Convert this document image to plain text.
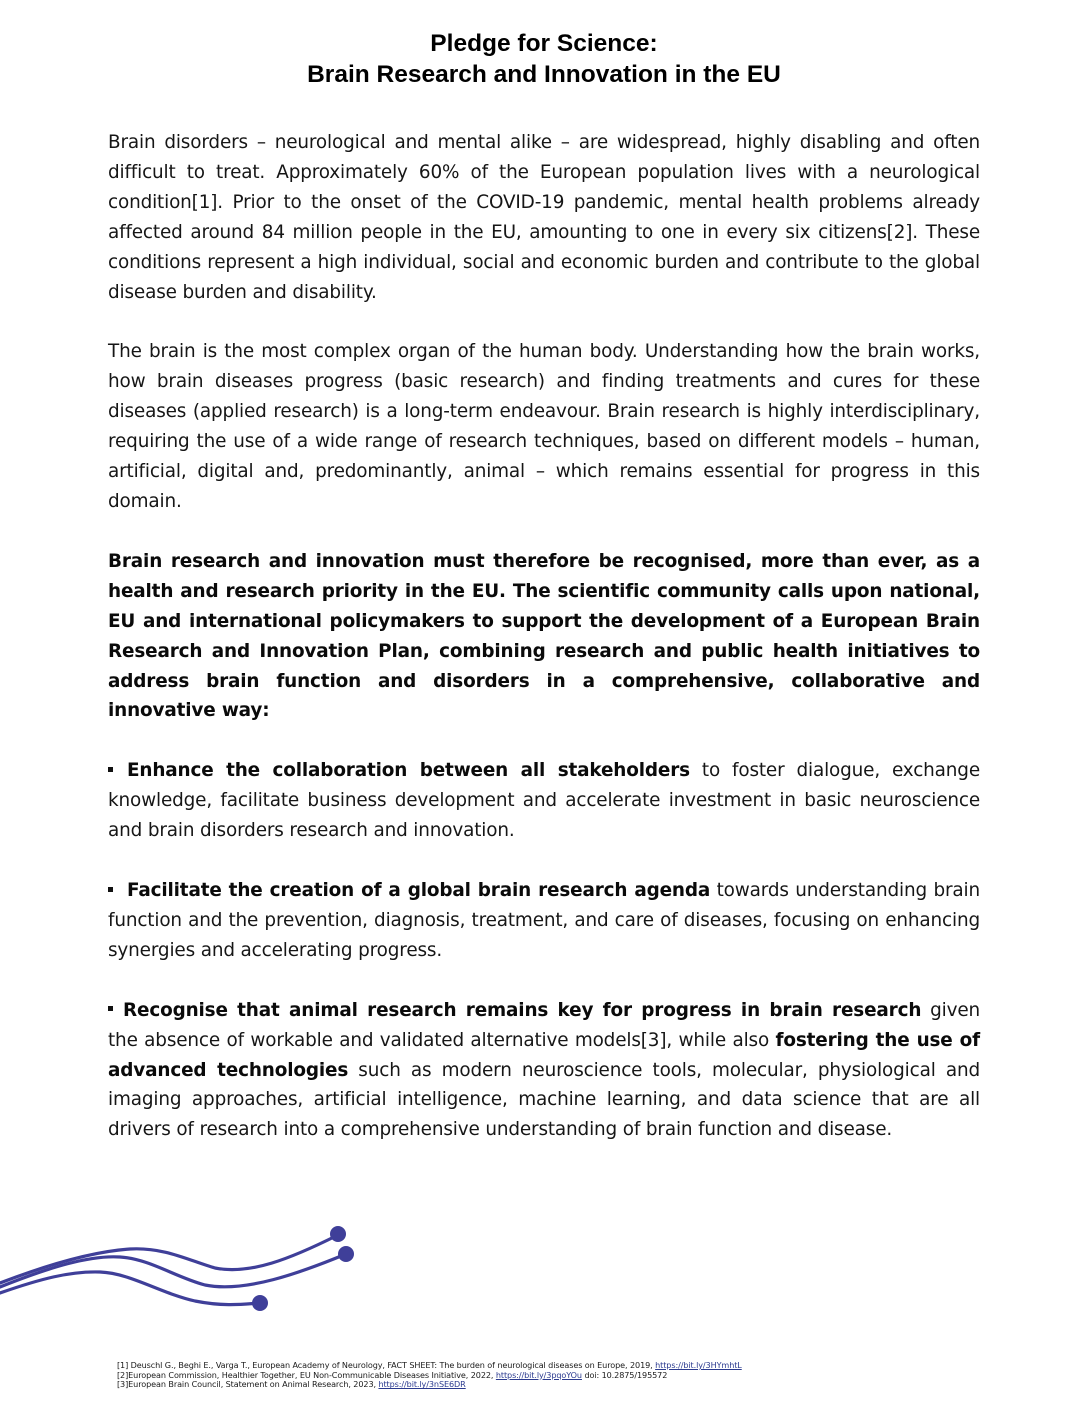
Pledge for Science:
Brain Research and Innovation in the EU

Brain disorders – neurological and mental alike – are widespread, highly disabling and often difficult to treat. Approximately 60% of the European population lives with a neurological condition[1]. Prior to the onset of the COVID-19 pandemic, mental health problems already affected around 84 million people in the EU, amounting to one in every six citizens[2]. These conditions represent a high individual, social and economic burden and contribute to the global disease burden and disability.

The brain is the most complex organ of the human body. Understanding how the brain works, how brain diseases progress (basic research) and finding treatments and cures for these diseases (applied research) is a long-term endeavour. Brain research is highly interdisciplinary, requiring the use of a wide range of research techniques, based on different models – human, artificial, digital and, predominantly, animal – which remains essential for progress in this domain.

Brain research and innovation must therefore be recognised, more than ever, as a health and research priority in the EU. The scientific community calls upon national, EU and international policymakers to support the development of a European Brain Research and Innovation Plan, combining research and public health initiatives to address brain function and disorders in a comprehensive, collaborative and innovative way:

Enhance the collaboration between all stakeholders to foster dialogue, exchange knowledge, facilitate business development and accelerate investment in basic neuroscience and brain disorders research and innovation.

Facilitate the creation of a global brain research agenda towards understanding brain function and the prevention, diagnosis, treatment, and care of diseases, focusing on enhancing synergies and accelerating progress.

Recognise that animal research remains key for progress in brain research given the absence of workable and validated alternative models[3], while also fostering the use of advanced technologies such as modern neuroscience tools, molecular, physiological and imaging approaches, artificial intelligence, machine learning, and data science that are all drivers of research into a comprehensive understanding of brain function and disease.

[1] Deuschl G., Beghi E., Varga T., European Academy of Neurology, FACT SHEET: The burden of neurological diseases on Europe, 2019, https://bit.ly/3HYmhtL
[2]European Commission, Healthier Together, EU Non-Communicable Diseases Initiative, 2022, https://bit.ly/3pqoYOu doi: 10.2875/195572
[3]European Brain Council, Statement on Animal Research, 2023, https://bit.ly/3nSE6DR
